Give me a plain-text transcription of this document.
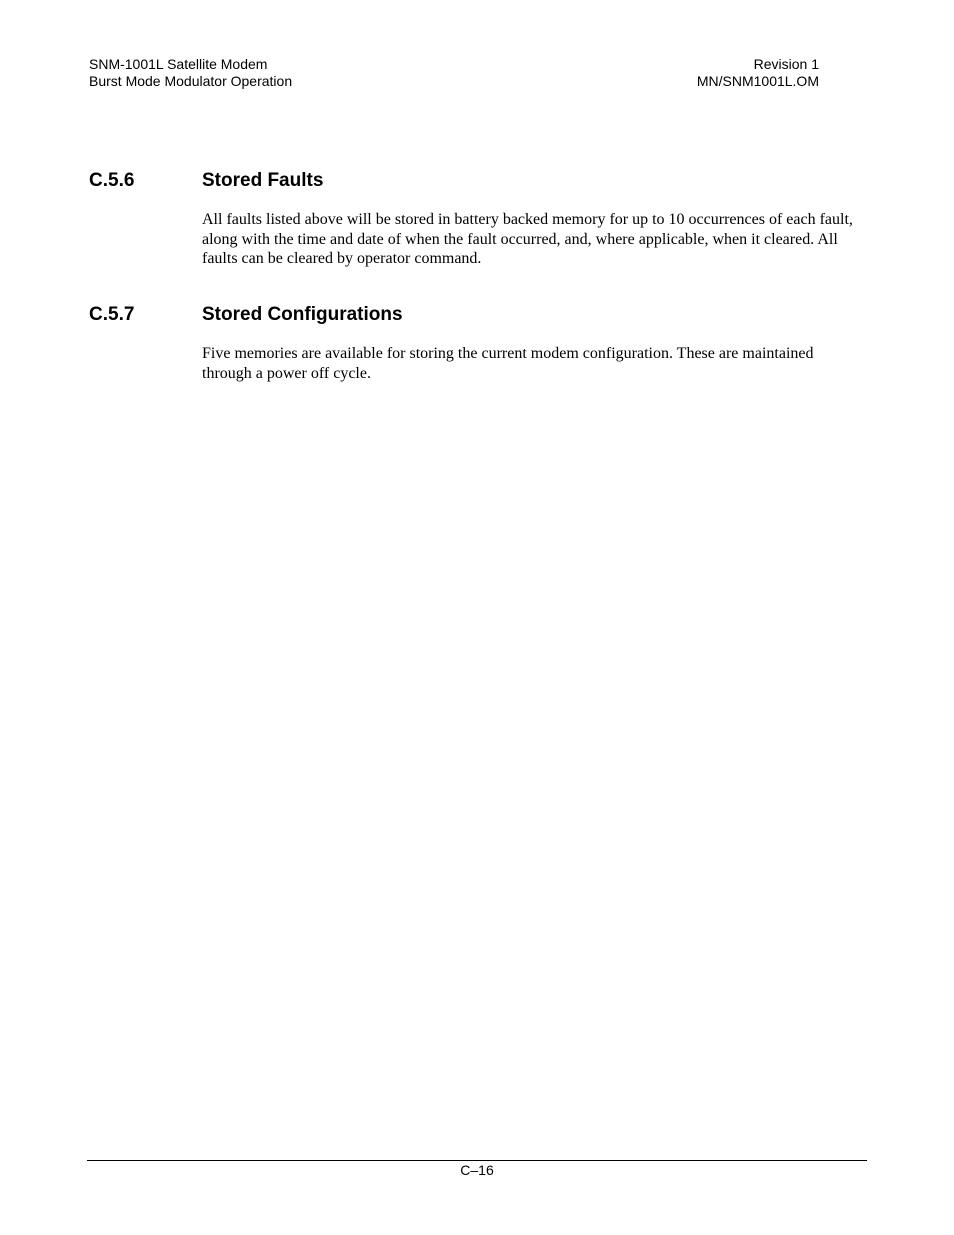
SNM-1001L Satellite Modem
Burst Mode Modulator Operation
Revision 1
MN/SNM1001L.OM
C.5.6	Stored Faults

All faults listed above will be stored in battery backed memory for up to 10 occurrences of each fault, along with the time and date of when the fault occurred, and, where applicable, when it cleared. All faults can be cleared by operator command.

C.5.7	Stored Configurations

Five memories are available for storing the current modem configuration. These are maintained through a power off cycle.

C–16
